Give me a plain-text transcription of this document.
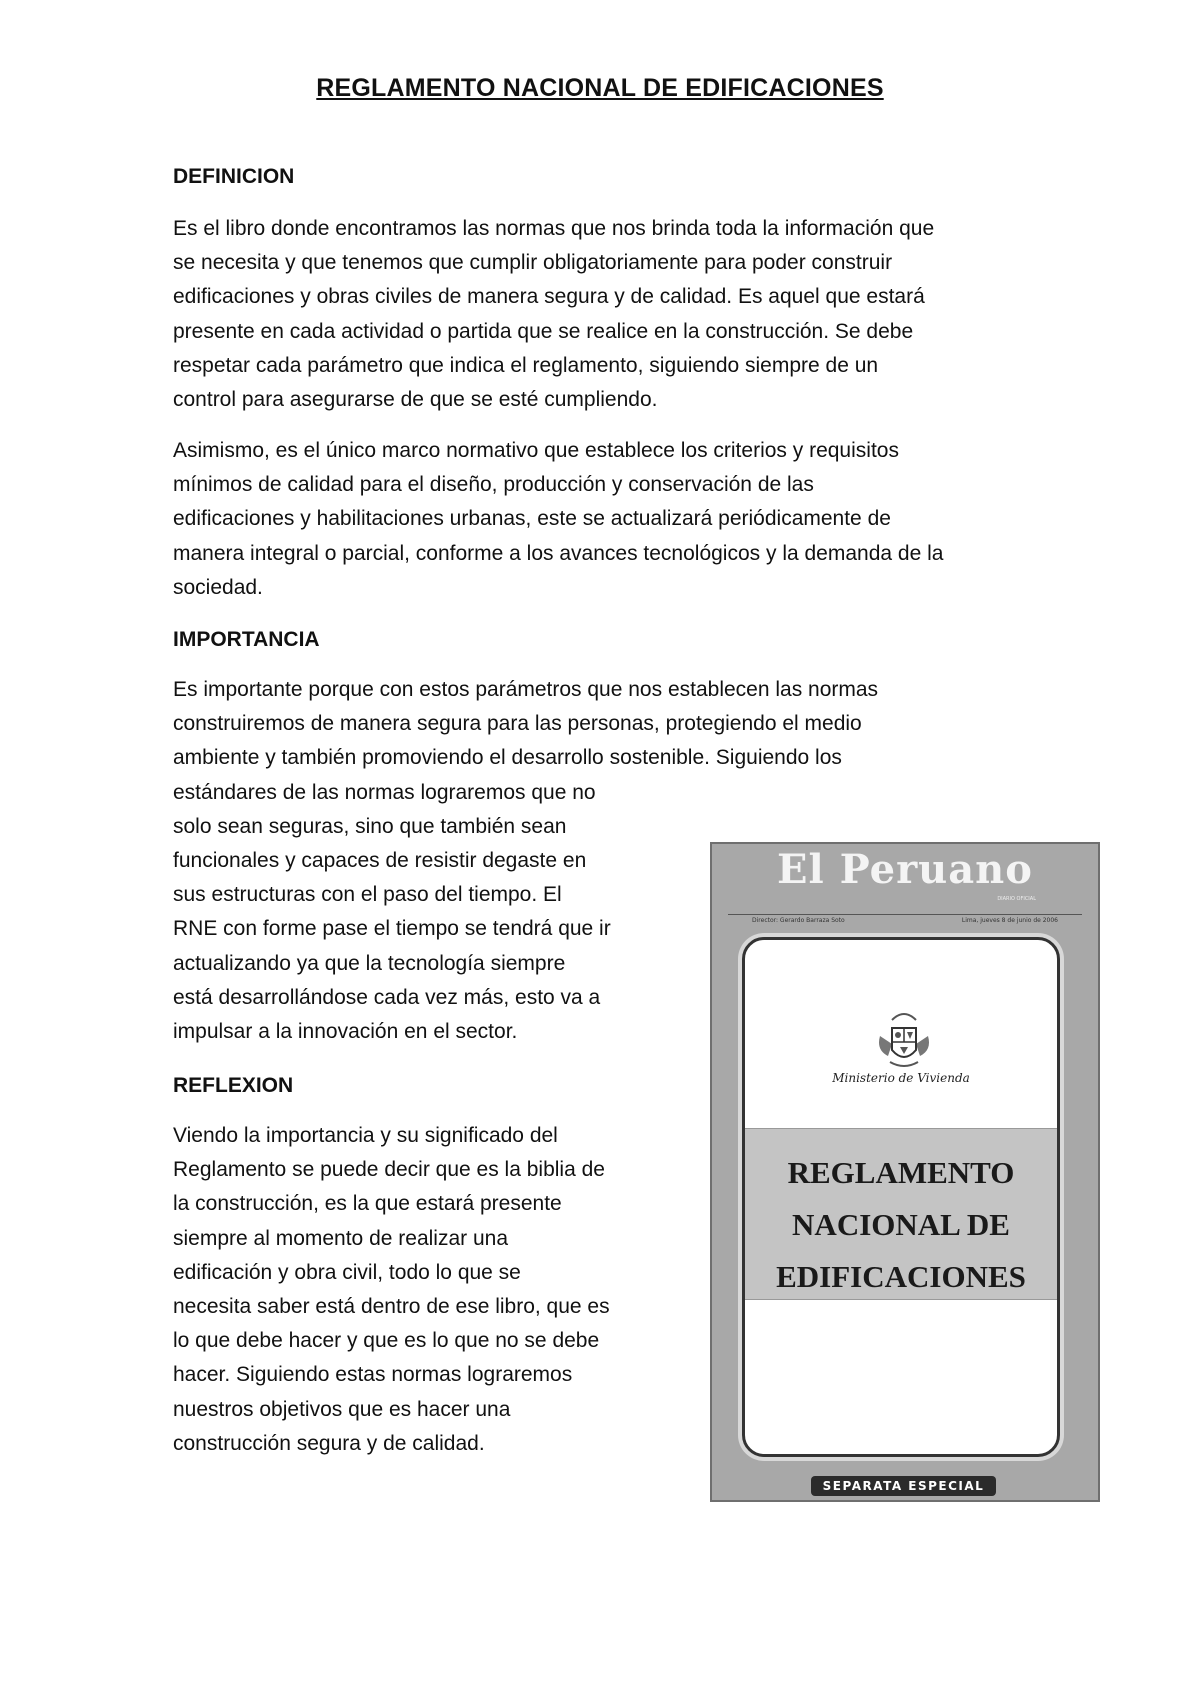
REGLAMENTO NACIONAL DE EDIFICACIONES
DEFINICION

Es el libro donde encontramos las normas que nos brinda toda la información que
se necesita y que tenemos que cumplir obligatoriamente para poder construir
edificaciones y obras civiles de manera segura y de calidad. Es aquel que estará
presente en cada actividad o partida que se realice en la construcción. Se debe
respetar cada parámetro que indica el reglamento, siguiendo siempre de un
control para asegurarse de que se esté cumpliendo.

Asimismo, es el único marco normativo que establece los criterios y requisitos
mínimos de calidad para el diseño, producción y conservación de las
edificaciones y habilitaciones urbanas, este se actualizará periódicamente de
manera integral o parcial, conforme a los avances tecnológicos y la demanda de la
sociedad.

IMPORTANCIA

Es importante porque con estos parámetros que nos establecen las normas
construiremos de manera segura para las personas, protegiendo el medio
ambiente y también promoviendo el desarrollo sostenible. Siguiendo los
estándares de las normas lograremos que no
solo sean seguras, sino que también sean
funcionales y capaces de resistir degaste en
sus estructuras con el paso del tiempo. El
RNE con forme pase el tiempo se tendrá que ir
actualizando ya que la tecnología siempre
está desarrollándose cada vez más, esto va a
impulsar a la innovación en el sector.

REFLEXION

Viendo la importancia y su significado del
Reglamento se puede decir que es la biblia de
la construcción, es la que estará presente
siempre al momento de realizar una
edificación y obra civil, todo lo que se
necesita saber está dentro de ese libro, que es
lo que debe hacer y que es lo que no se debe
hacer. Siguiendo estas normas lograremos
nuestros objetivos que es hacer una
construcción segura y de calidad.

El Peruano
DIARIO OFICIAL
Director: Gerardo Barraza Soto	Lima, jueves 8 de junio de 2006
Ministerio de Vivienda
REGLAMENTO
NACIONAL DE
EDIFICACIONES
SEPARATA ESPECIAL
